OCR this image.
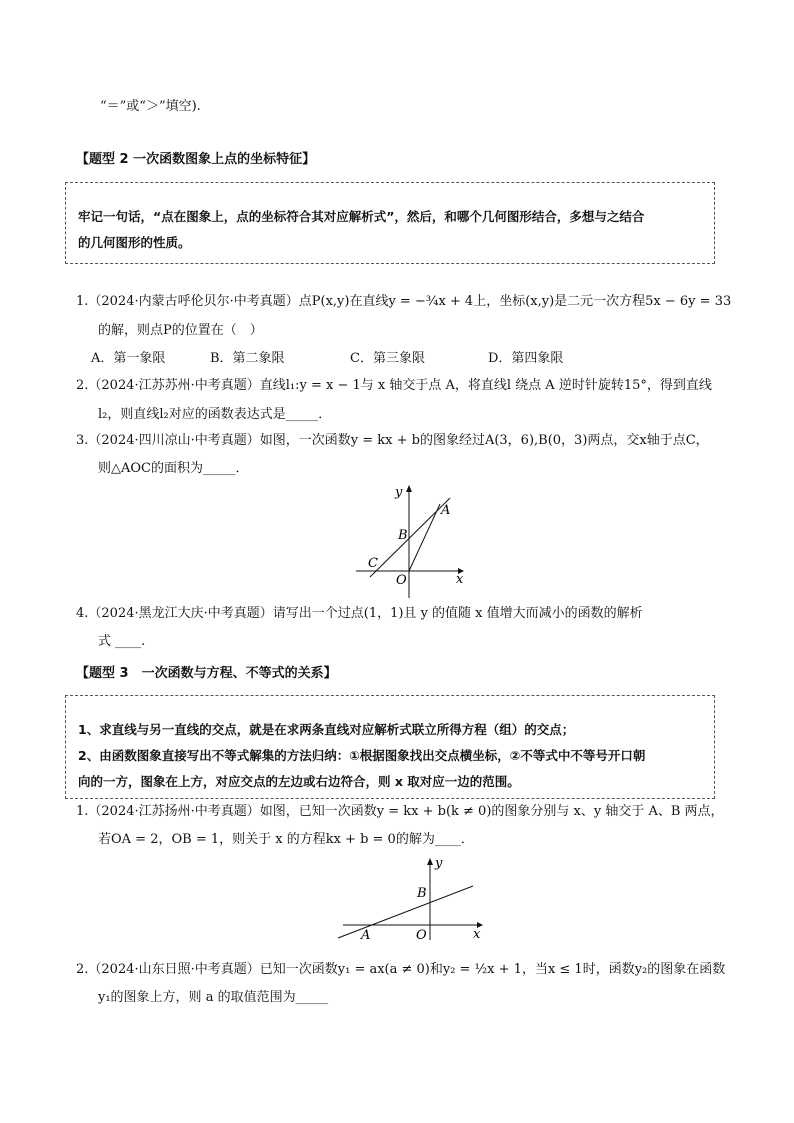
“＝”或“＞”填空).
【题型 2 一次函数图象上点的坐标特征】
牢记一句话，“点在图象上，点的坐标符合其对应解析式”，然后，和哪个几何图形结合，多想与之结合
的几何图形的性质。
1.（2024·内蒙古呼伦贝尔·中考真题）点P(x,y)在直线y = −¾x + 4上，坐标(x,y)是二元一次方程5x − 6y = 33
的解，则点P的位置在（　）
A．第一象限	B．第二象限	C．第三象限	D．第四象限
2.（2024·江苏苏州·中考真题）直线l₁:y = x − 1与 x 轴交于点 A，将直线l 绕点 A 逆时针旋转15°，得到直线
l₂，则直线l₂对应的函数表达式是_____．
3.（2024·四川凉山·中考真题）如图，一次函数y = kx + b的图象经过A(3，6),B(0，3)两点，交x轴于点C，
则△AOC的面积为_____．
y
x
A
B
C
O
4.（2024·黑龙江大庆·中考真题）请写出一个过点(1，1)且 y 的值随 x 值增大而减小的函数的解析
式 ____.
【题型 3　一次函数与方程、不等式的关系】
1、求直线与另一直线的交点，就是在求两条直线对应解析式联立所得方程（组）的交点；
2、由函数图象直接写出不等式解集的方法归纳：①根据图象找出交点横坐标，②不等式中不等号开口朝
向的一方，图象在上方，对应交点的左边或右边符合，则 x 取对应一边的范围。
1.（2024·江苏扬州·中考真题）如图，已知一次函数y = kx + b(k ≠ 0)的图象分别与 x、y 轴交于 A、B 两点，
若OA = 2，OB = 1，则关于 x 的方程kx + b = 0的解为____．
y
x
A
B
O
2.（2024·山东日照·中考真题）已知一次函数y₁ = ax(a ≠ 0)和y₂ = ½x + 1，当x ≤ 1时，函数y₂的图象在函数
y₁的图象上方，则 a 的取值范围为_____
